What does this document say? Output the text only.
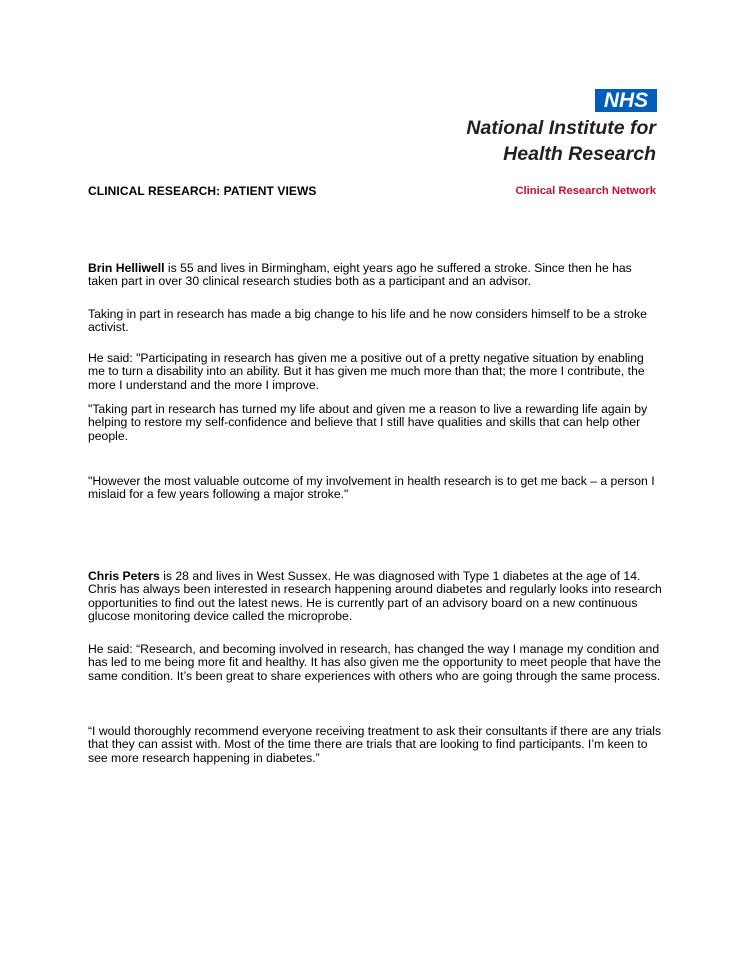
NHS
National Institute for
Health Research
CLINICAL RESEARCH: PATIENT VIEWS	Clinical Research Network

Brin Helliwell is 55 and lives in Birmingham, eight years ago he suffered a stroke. Since then he has taken part in over 30 clinical research studies both as a participant and an advisor.

Taking in part in research has made a big change to his life and he now considers himself to be a stroke activist.

He said: "Participating in research has given me a positive out of a pretty negative situation by enabling me to turn a disability into an ability. But it has given me much more than that; the more I contribute, the more I understand and the more I improve.

"Taking part in research has turned my life about and given me a reason to live a rewarding life again by helping to restore my self-confidence and believe that I still have qualities and skills that can help other people.

"However the most valuable outcome of my involvement in health research is to get me back – a person I mislaid for a few years following a major stroke."

Chris Peters is 28 and lives in West Sussex. He was diagnosed with Type 1 diabetes at the age of 14. Chris has always been interested in research happening around diabetes and regularly looks into research opportunities to find out the latest news. He is currently part of an advisory board on a new continuous glucose monitoring device called the microprobe.

He said: “Research, and becoming involved in research, has changed the way I manage my condition and has led to me being more fit and healthy. It has also given me the opportunity to meet people that have the same condition. It’s been great to share experiences with others who are going through the same process.

“I would thoroughly recommend everyone receiving treatment to ask their consultants if there are any trials that they can assist with. Most of the time there are trials that are looking to find participants. I’m keen to see more research happening in diabetes.”
